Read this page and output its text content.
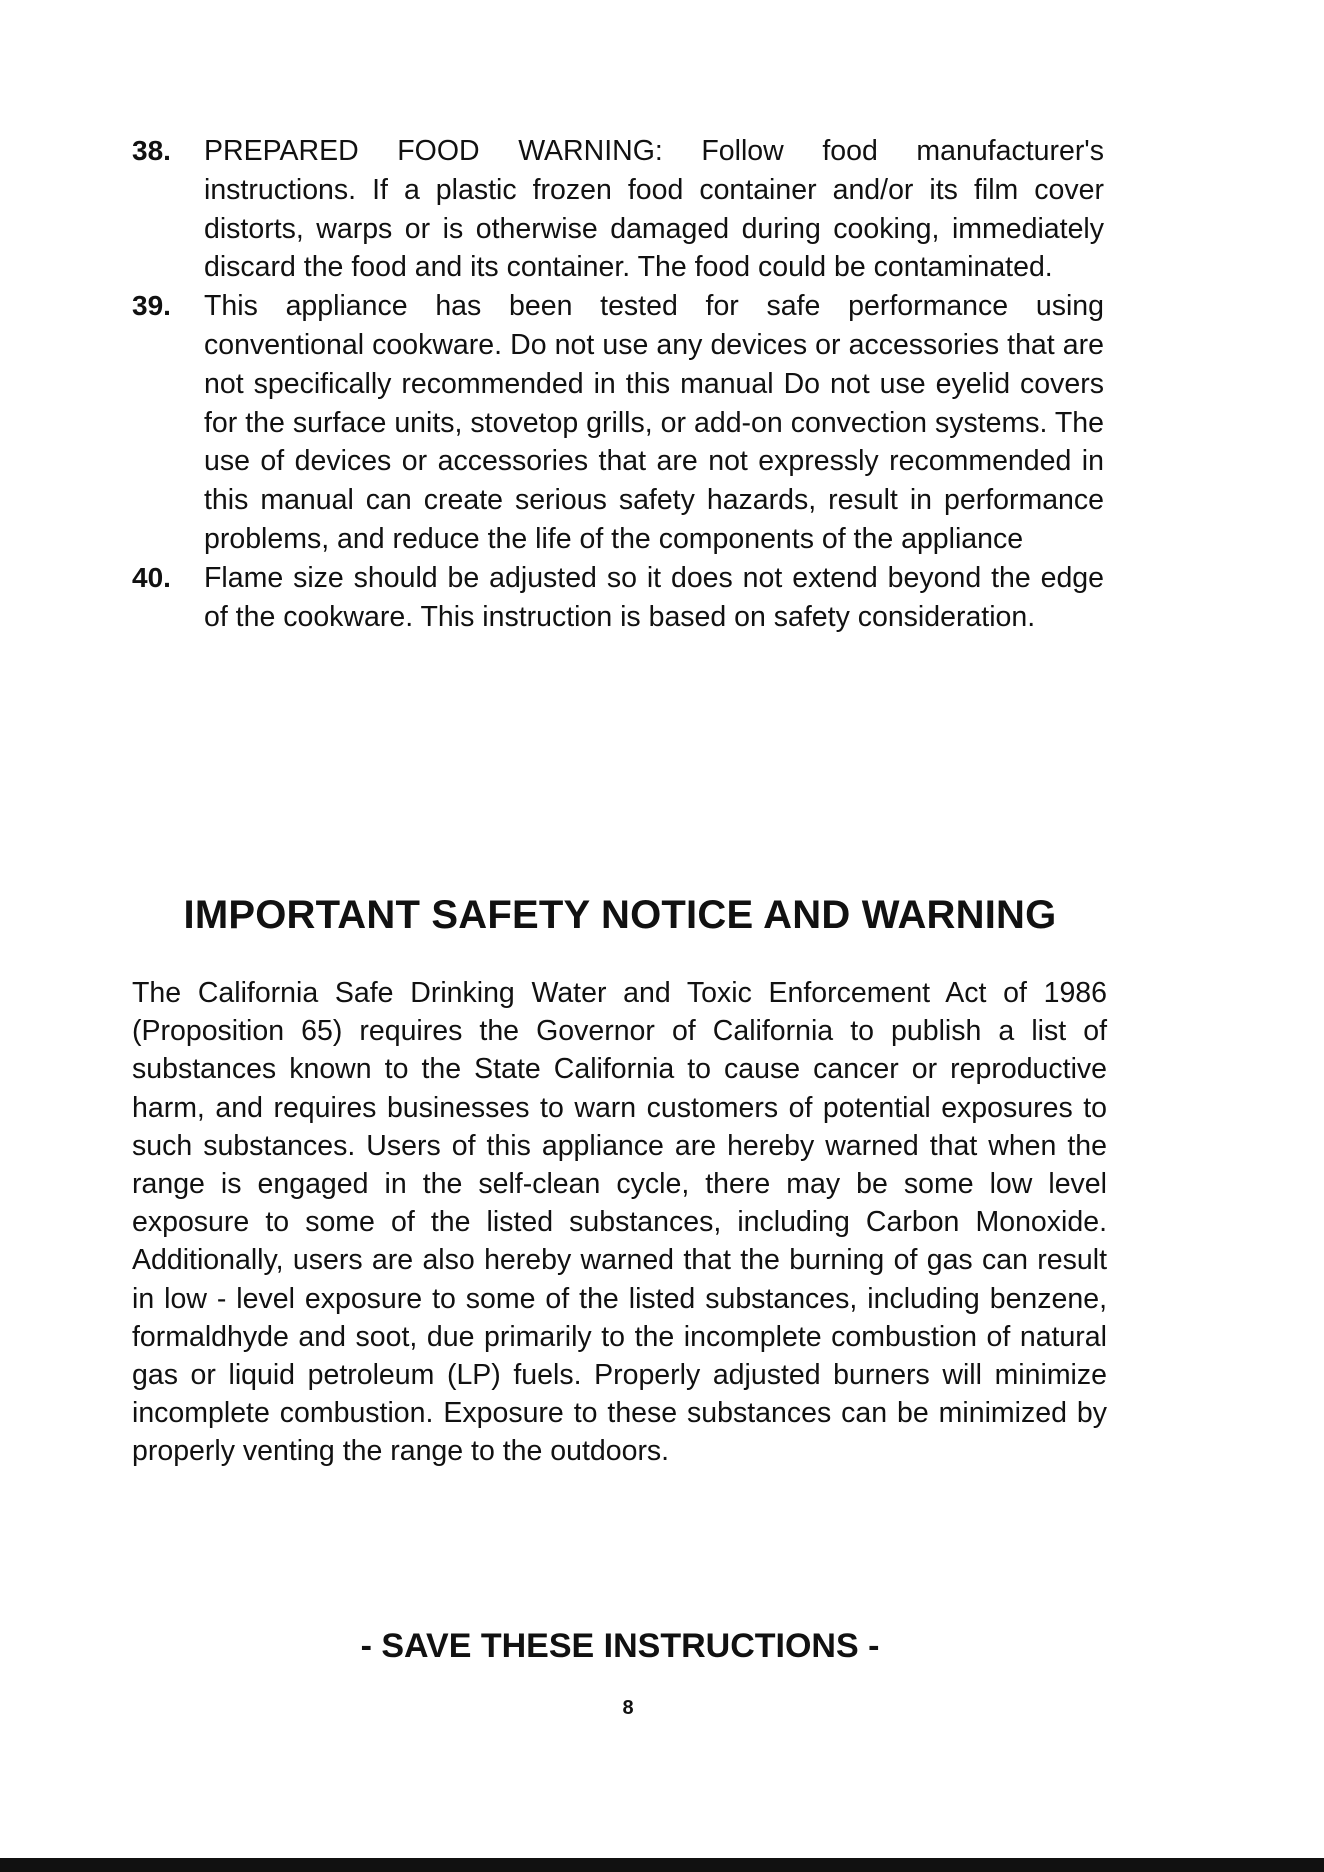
38.	PREPARED FOOD WARNING: Follow food manufacturer's instructions. If a plastic frozen food container and/or its film cover distorts, warps or is otherwise damaged during cooking, immediately discard the food and its container. The food could be contaminated.
39.	This appliance has been tested for safe performance using conventional cookware. Do not use any devices or accessories that are not specifically recommended in this manual Do not use eyelid covers for the surface units, stovetop grills, or add-on convection systems. The use of devices or accessories that are not expressly recommended in this manual can create serious safety hazards, result in performance problems, and reduce the life of the components of the appliance
40.	Flame size should be adjusted so it does not extend beyond the edge of the cookware. This instruction is based on safety consideration.
IMPORTANT SAFETY NOTICE AND WARNING
The California Safe Drinking Water and Toxic Enforcement Act of 1986 (Proposition 65) requires the Governor of California to publish a list of substances known to the State California to cause cancer or reproductive harm, and requires businesses to warn customers of potential exposures to such substances. Users of this appliance are hereby warned that when the range is engaged in the self-clean cycle, there may be some low level exposure to some of the listed substances, including Carbon Monoxide. Additionally, users are also hereby warned that the burning of gas can result in low - level exposure to some of the listed substances, including benzene, formaldhyde and soot, due primarily to the incomplete combustion of natural gas or liquid petroleum (LP) fuels. Properly adjusted burners will minimize incomplete combustion. Exposure to these substances can be minimized by properly venting the range to the outdoors.
- SAVE THESE INSTRUCTIONS -
8
